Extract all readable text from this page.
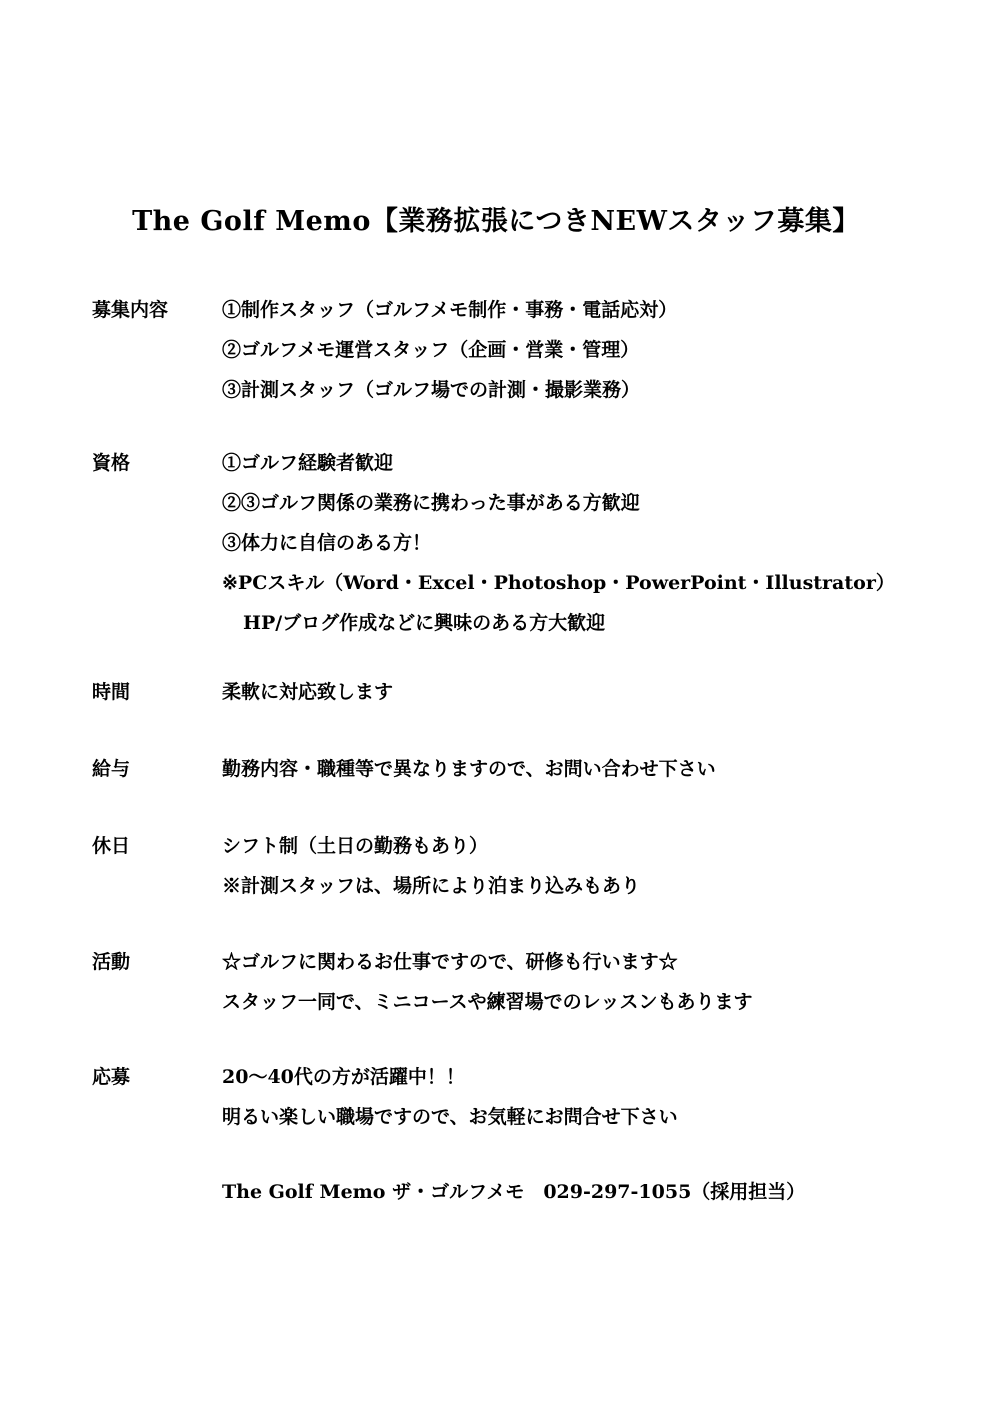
The Golf Memo【業務拡張につきNEWスタッフ募集】
募集内容	①制作スタッフ（ゴルフメモ制作・事務・電話応対）
②ゴルフメモ運営スタッフ（企画・営業・管理）
③計測スタッフ（ゴルフ場での計測・撮影業務）
資格	①ゴルフ経験者歓迎
②③ゴルフ関係の業務に携わった事がある方歓迎
③体力に自信のある方！
※PCスキル（Word・Excel・Photoshop・PowerPoint・Illustrator）
HP/ブログ作成などに興味のある方大歓迎
時間	柔軟に対応致します
給与	勤務内容・職種等で異なりますので、お問い合わせ下さい
休日	シフト制（土日の勤務もあり）
※計測スタッフは、場所により泊まり込みもあり
活動	☆ゴルフに関わるお仕事ですので、研修も行います☆
スタッフ一同で、ミニコースや練習場でのレッスンもあります
応募	20～40代の方が活躍中！！
明るい楽しい職場ですので、お気軽にお問合せ下さい
The Golf Memo ザ・ゴルフメモ　029-297-1055（採用担当）
